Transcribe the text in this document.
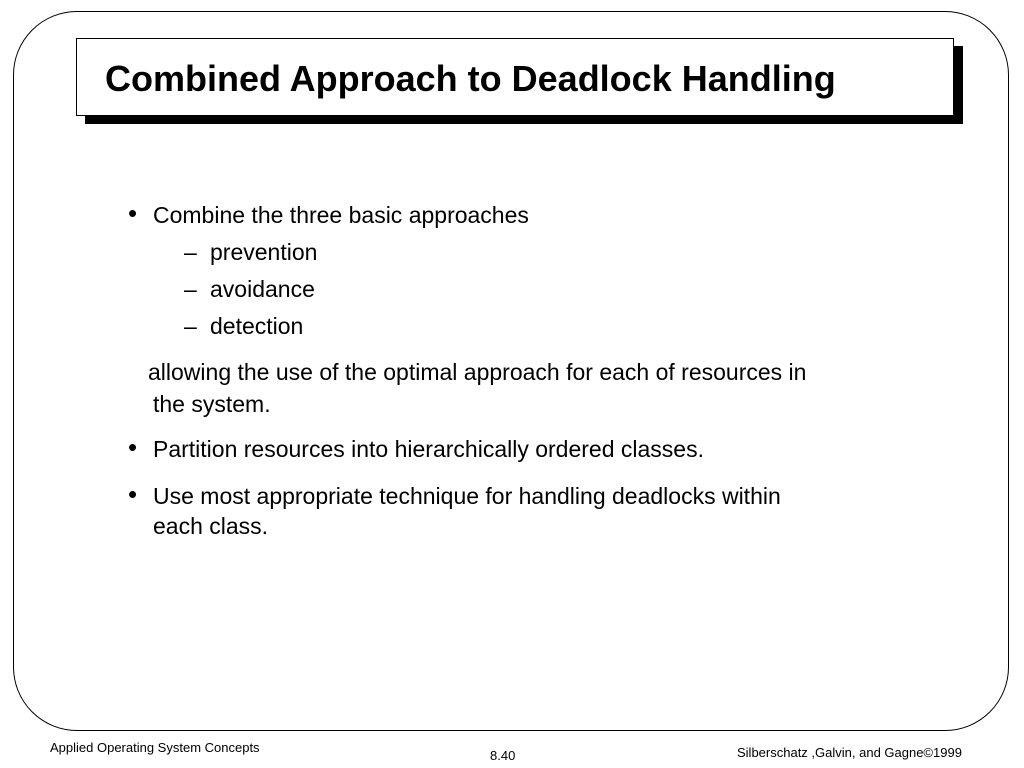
Combined Approach to Deadlock Handling
• Combine the three basic approaches
– prevention
– avoidance
– detection
allowing the use of the optimal approach for each of resources in
the system.
• Partition resources into hierarchically ordered classes.
• Use most appropriate technique for handling deadlocks within
each class.
Applied Operating System Concepts
8.40	Silberschatz ,Galvin, and Gagne©1999
